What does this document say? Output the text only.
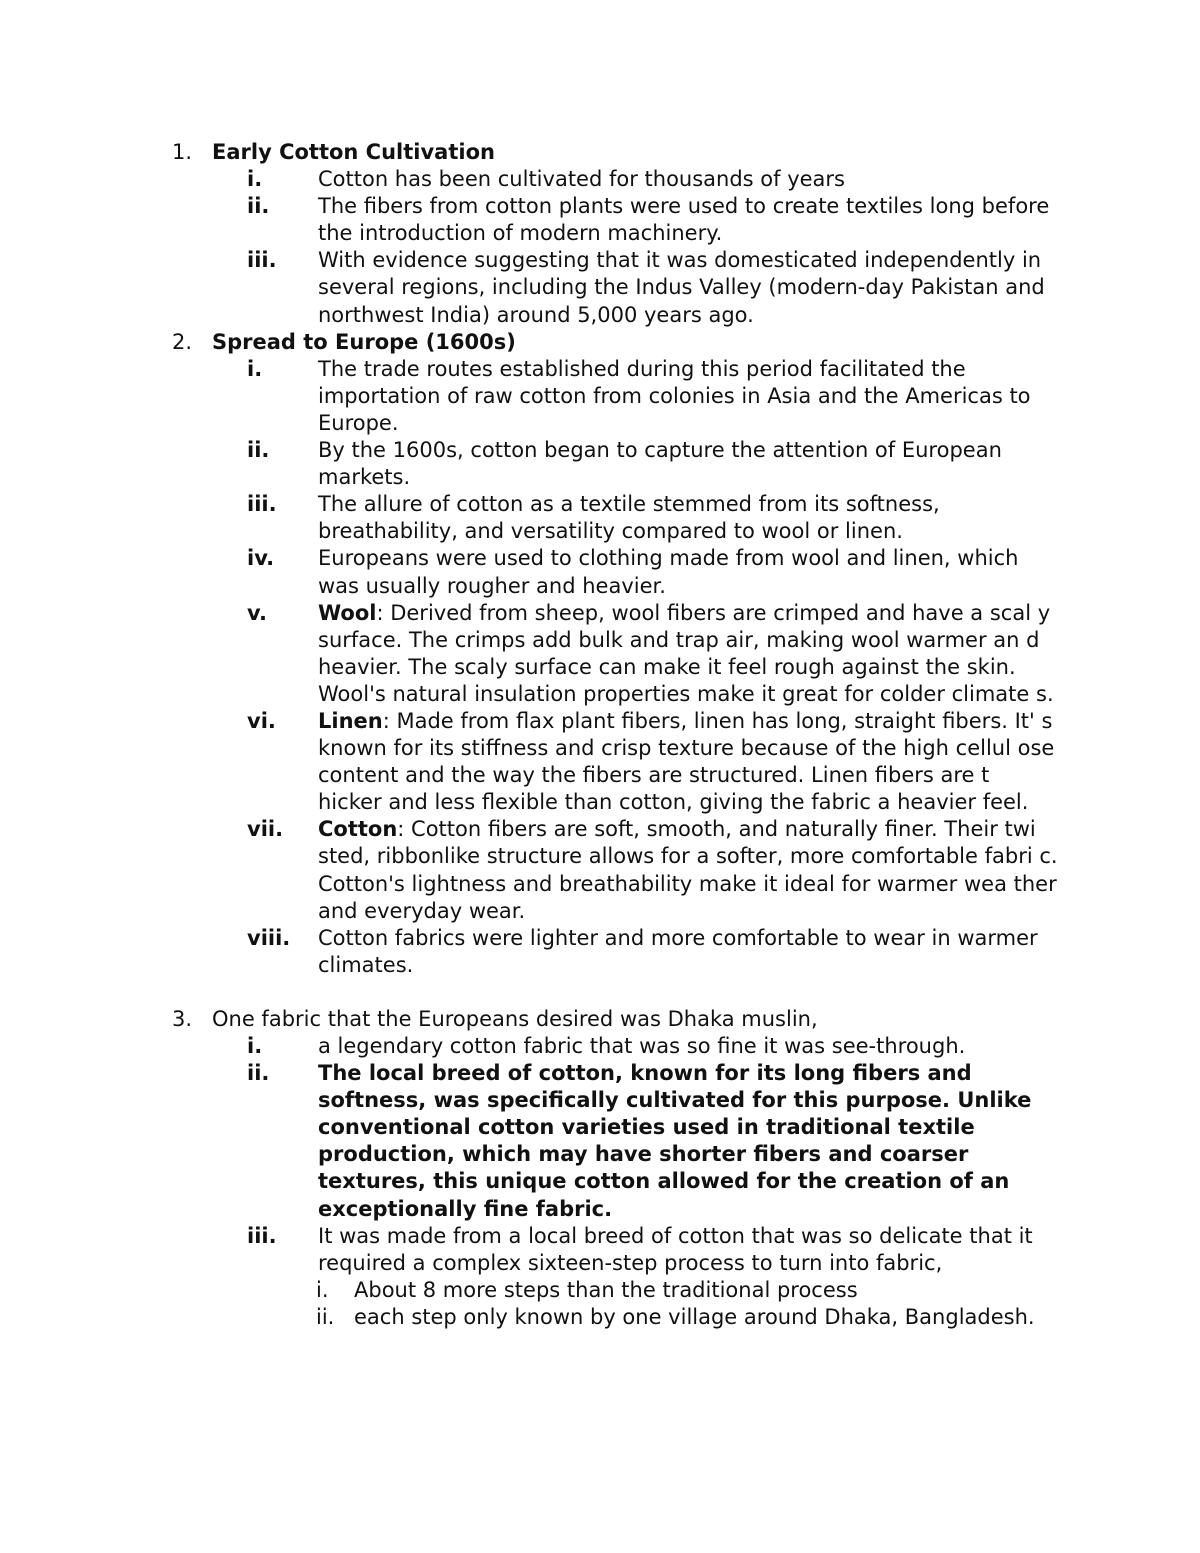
1. Early Cotton Cultivation
i.	Cotton has been cultivated for thousands of years
ii. The fibers from cotton plants were used to create textiles long before the introduction of modern machinery.
iii. With evidence suggesting that it was domesticated independently in several regions, including the Indus Valley (modern-day Pakistan and northwest India) around 5,000 years ago.
2. Spread to Europe (1600s)
i.	The trade routes established during this period facilitated the importation of raw cotton from colonies in Asia and the Americas to Europe.
ii. By the 1600s, cotton began to capture the attention of European markets.
iii. The allure of cotton as a textile stemmed from its softness, breathability, and versatility compared to wool or linen.
iv. Europeans were used to clothing made from wool and linen, which was usually rougher and heavier.
v. Wool: Derived from sheep, wool fibers are crimped and have a scal y surface. The crimps add bulk and trap air, making wool warmer an d heavier. The scaly surface can make it feel rough against the skin. Wool's natural insulation properties make it great for colder climate s.
vi. Linen: Made from flax plant fibers, linen has long, straight fibers. It' s known for its stiffness and crisp texture because of the high cellul ose content and the way the fibers are structured. Linen fibers are t hicker and less flexible than cotton, giving the fabric a heavier feel.
vii. Cotton: Cotton fibers are soft, smooth, and naturally finer. Their twi sted, ribbonlike structure allows for a softer, more comfortable fabri c. Cotton's lightness and breathability make it ideal for warmer wea ther and everyday wear.
viii. Cotton fabrics were lighter and more comfortable to wear in warmer climates.
3. One fabric that the Europeans desired was Dhaka muslin,
i.	a legendary cotton fabric that was so fine it was see-through.
ii. The local breed of cotton, known for its long fibers and softness, was specifically cultivated for this purpose. Unlike conventional cotton varieties used in traditional textile production, which may have shorter fibers and coarser textures, this unique cotton allowed for the creation of an exceptionally fine fabric.
iii. It was made from a local breed of cotton that was so delicate that it required a complex sixteen-step process to turn into fabric,
i. About 8 more steps than the traditional process
ii. each step only known by one village around Dhaka, Bangladesh.
